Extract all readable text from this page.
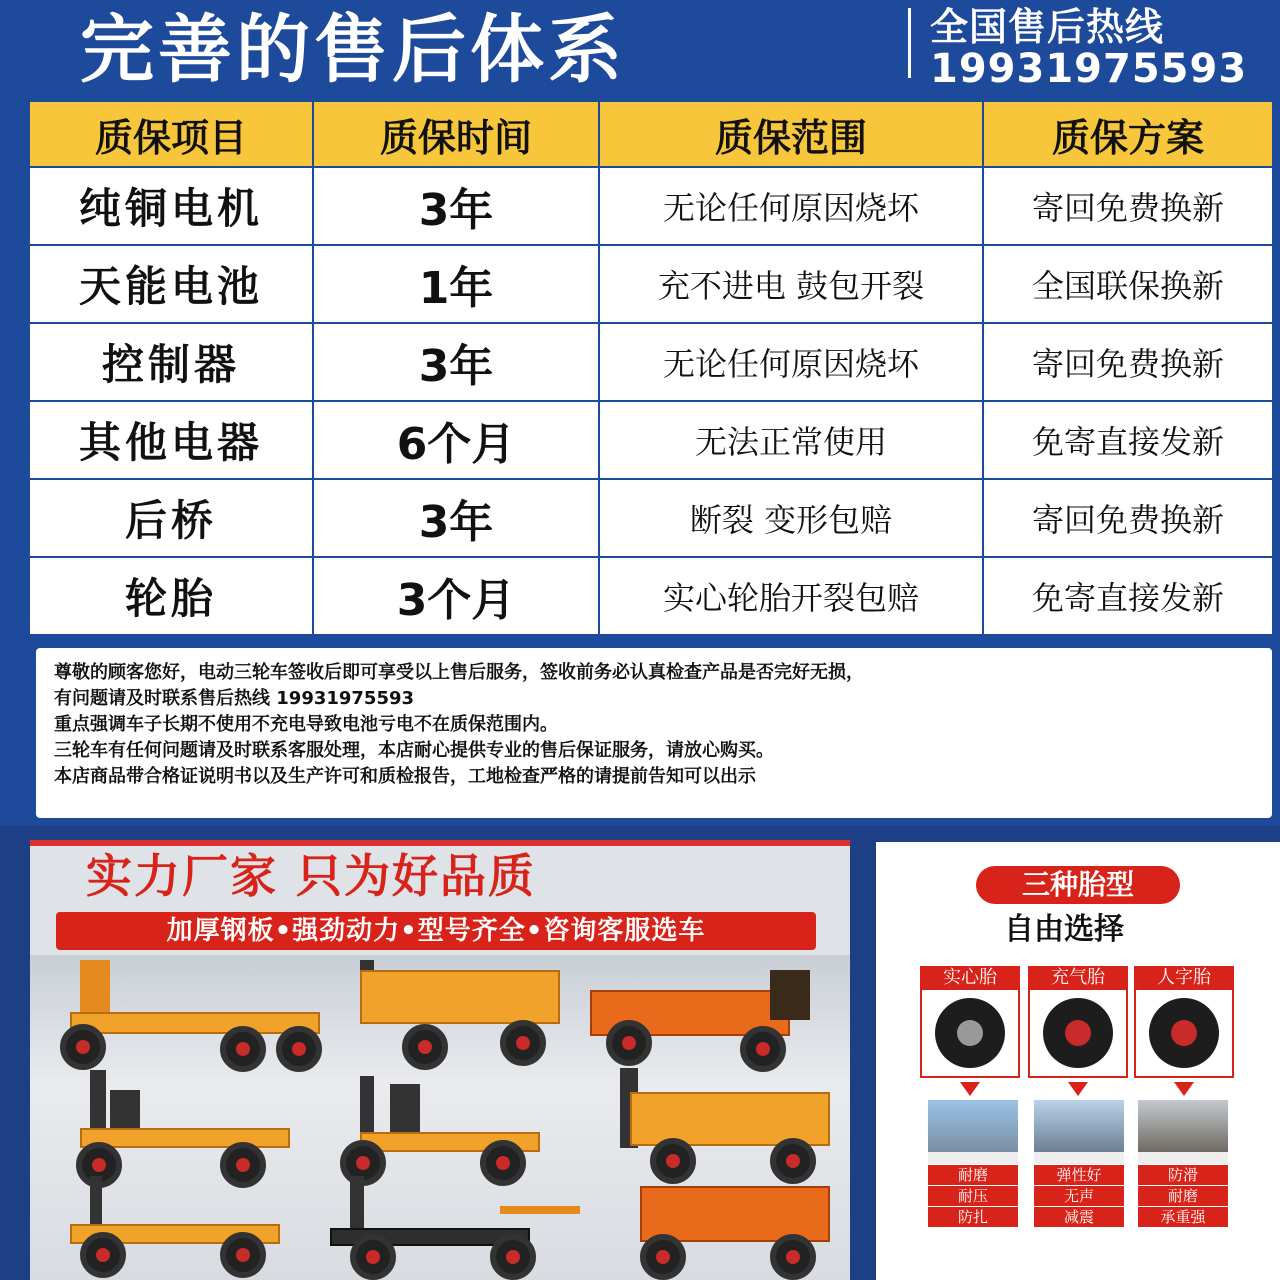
完善的售后体系	全国售后热线
19931975593
质保项目	质保时间	质保范围	质保方案
纯铜电机	3年	无论任何原因烧坏	寄回免费换新
天能电池	1年	充不进电 鼓包开裂	全国联保换新
控制器	3年	无论任何原因烧坏	寄回免费换新
其他电器	6个月	无法正常使用	免寄直接发新
后桥	3年	断裂 变形包赔	寄回免费换新
轮胎	3个月	实心轮胎开裂包赔	免寄直接发新
尊敬的顾客您好，电动三轮车签收后即可享受以上售后服务，签收前务必认真检查产品是否完好无损，
有问题请及时联系售后热线 19931975593
重点强调车子长期不使用不充电导致电池亏电不在质保范围内。
三轮车有任何问题请及时联系客服处理，本店耐心提供专业的售后保证服务，请放心购买。
本店商品带合格证说明书以及生产许可和质检报告，工地检查严格的请提前告知可以出示
实力厂家 只为好品质
加厚钢板•强劲动力•型号齐全•咨询客服选车
三种胎型
自由选择
实心胎	充气胎	人字胎
耐磨
耐压
防扎
弹性好
无声
减震
防滑
耐磨
承重强
